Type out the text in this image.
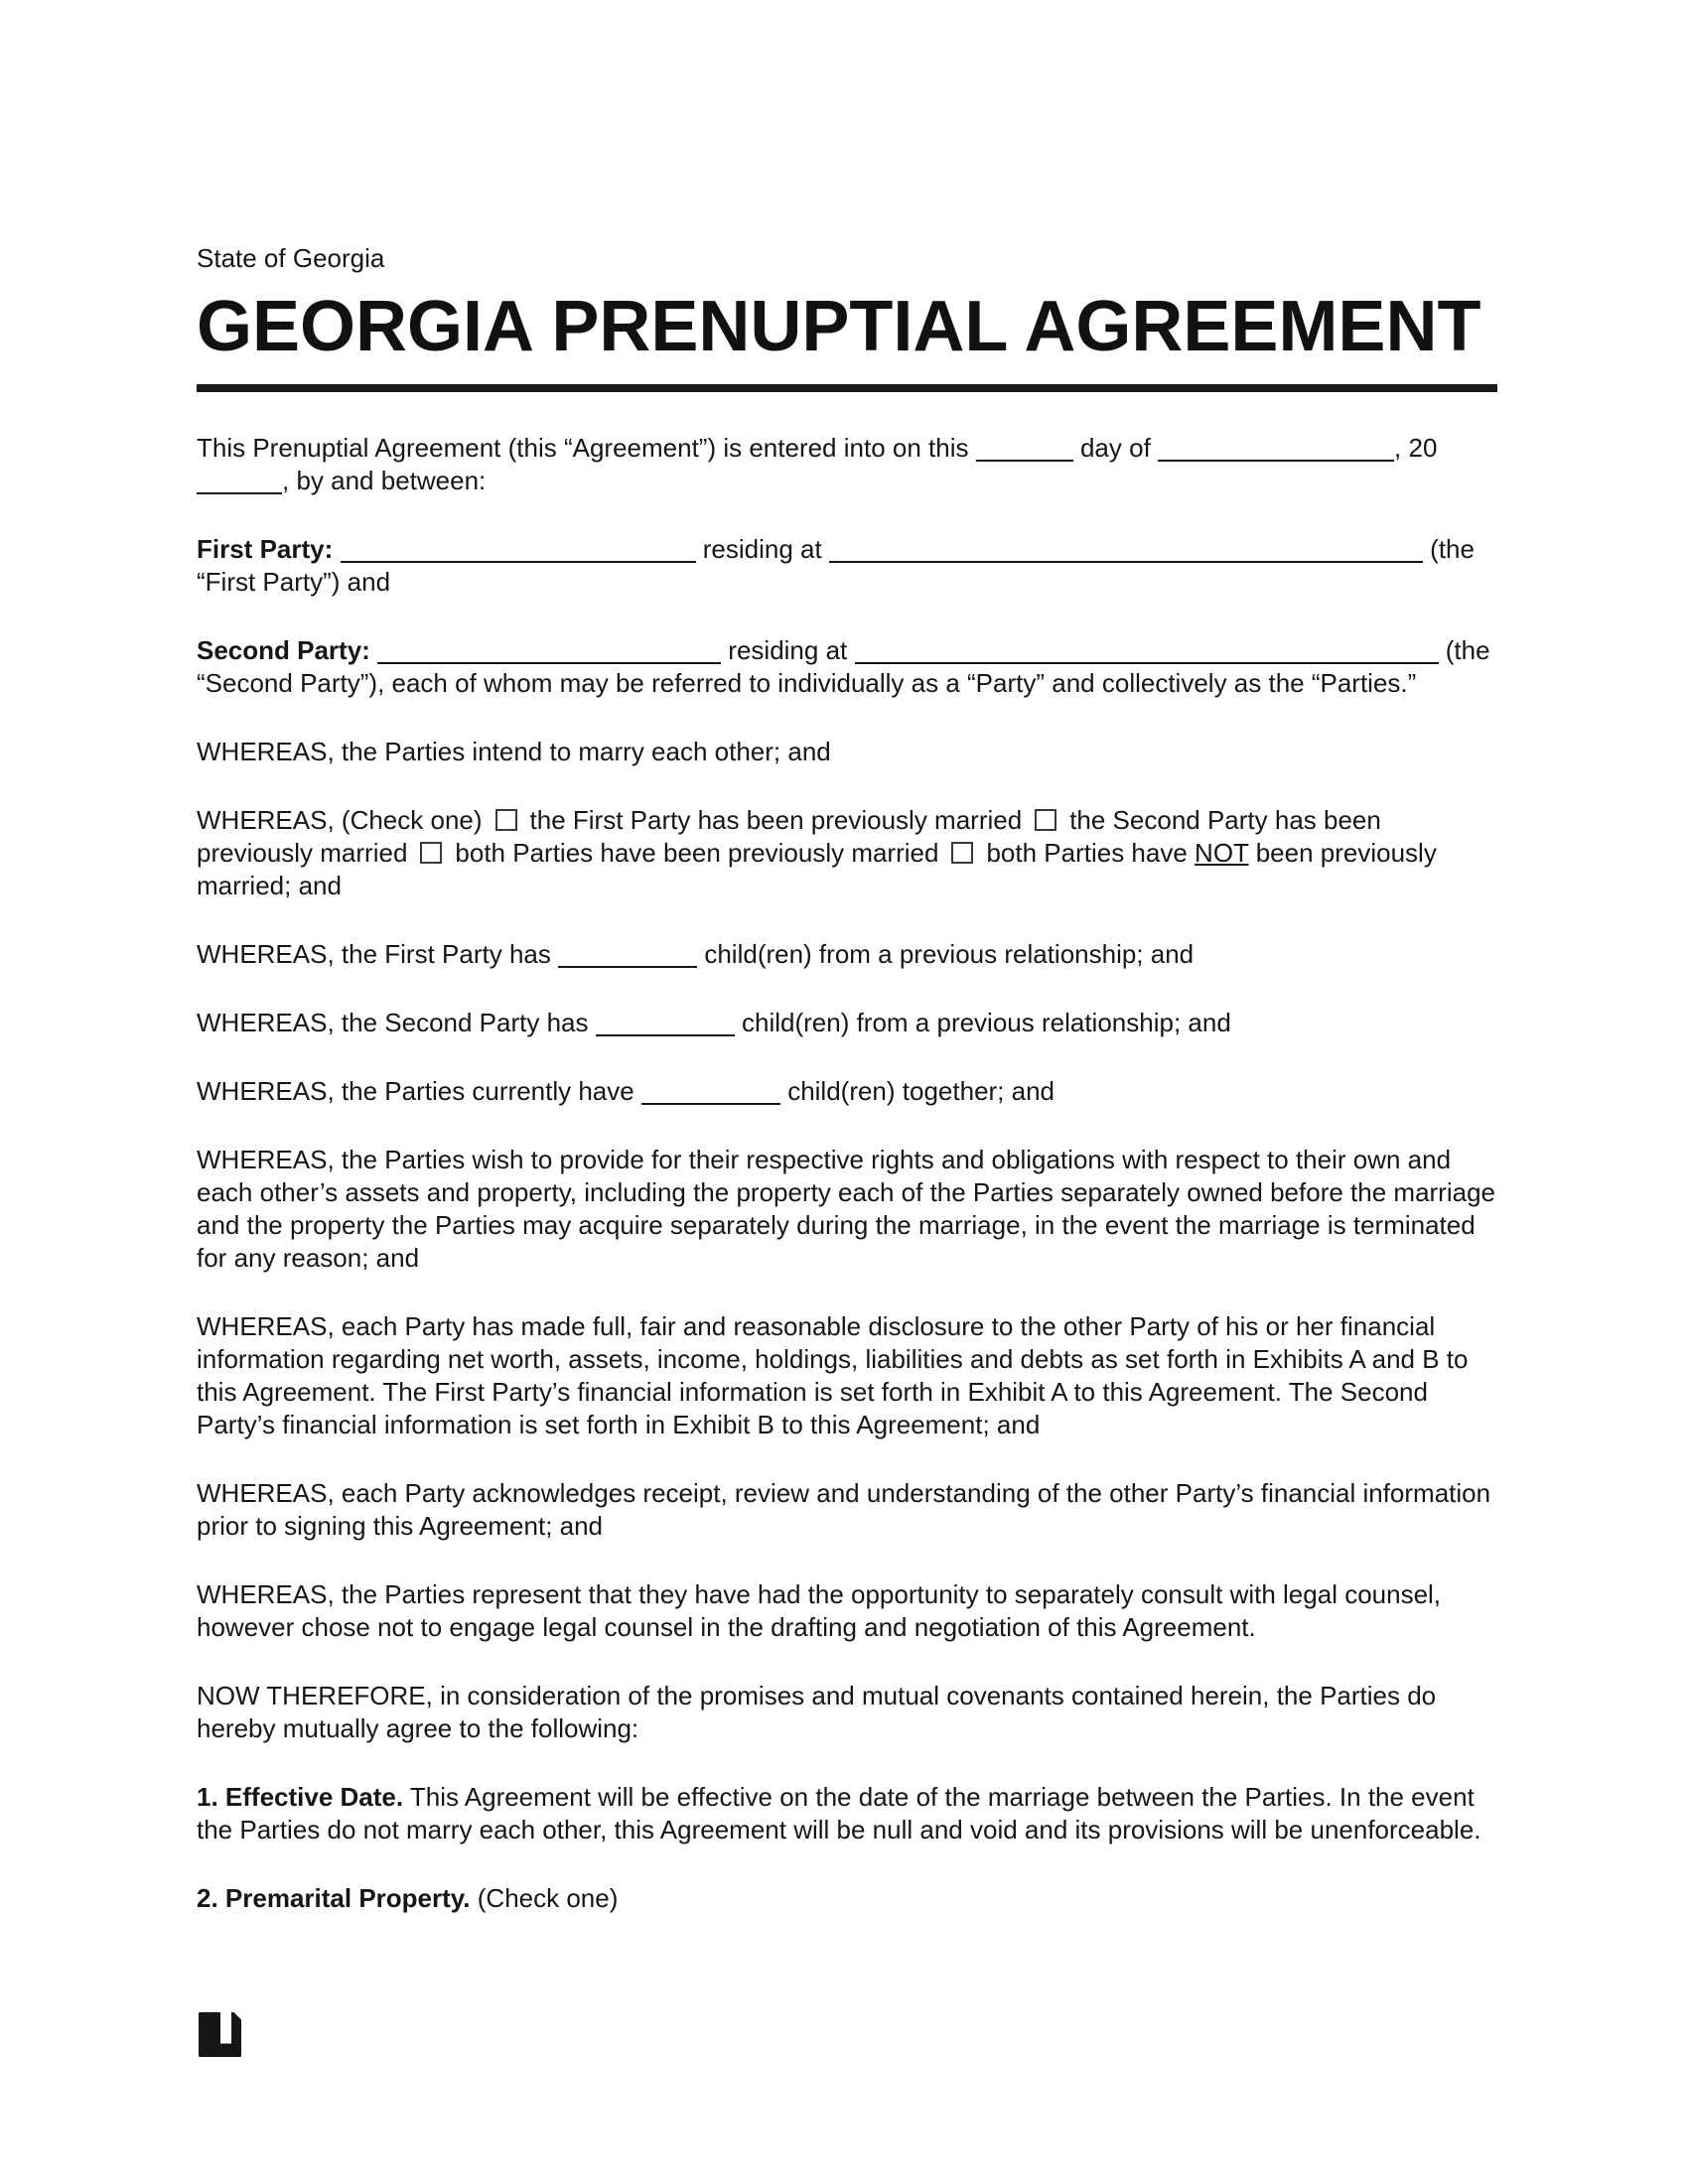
State of Georgia

GEORGIA PRENUPTIAL AGREEMENT

This Prenuptial Agreement (this “Agreement”) is entered into on this	day of	, 20, by and between:

First Party:	residing at	(the “First Party”) and

Second Party:	residing at	(the “Second Party”), each of whom may be referred to individually as a “Party” and collectively as the “Parties.”

WHEREAS, the Parties intend to marry each other; and

WHEREAS, (Check one) the First Party has been previously married the Second Party has been previously married both Parties have been previously married both Parties have NOT been previously married; and

WHEREAS, the First Party has	child(ren) from a previous relationship; and

WHEREAS, the Second Party has	child(ren) from a previous relationship; and

WHEREAS, the Parties currently have	child(ren) together; and

WHEREAS, the Parties wish to provide for their respective rights and obligations with respect to their own and each other’s assets and property, including the property each of the Parties separately owned before the marriage and the property the Parties may acquire separately during the marriage, in the event the marriage is terminated for any reason; and

WHEREAS, each Party has made full, fair and reasonable disclosure to the other Party of his or her financial information regarding net worth, assets, income, holdings, liabilities and debts as set forth in Exhibits A and B to this Agreement. The First Party’s financial information is set forth in Exhibit A to this Agreement. The Second Party’s financial information is set forth in Exhibit B to this Agreement; and

WHEREAS, each Party acknowledges receipt, review and understanding of the other Party’s financial information prior to signing this Agreement; and

WHEREAS, the Parties represent that they have had the opportunity to separately consult with legal counsel, however chose not to engage legal counsel in the drafting and negotiation of this Agreement.

NOW THEREFORE, in consideration of the promises and mutual covenants contained herein, the Parties do hereby mutually agree to the following:

1. Effective Date. This Agreement will be effective on the date of the marriage between the Parties. In the event the Parties do not marry each other, this Agreement will be null and void and its provisions will be unenforceable.

2. Premarital Property. (Check one)
